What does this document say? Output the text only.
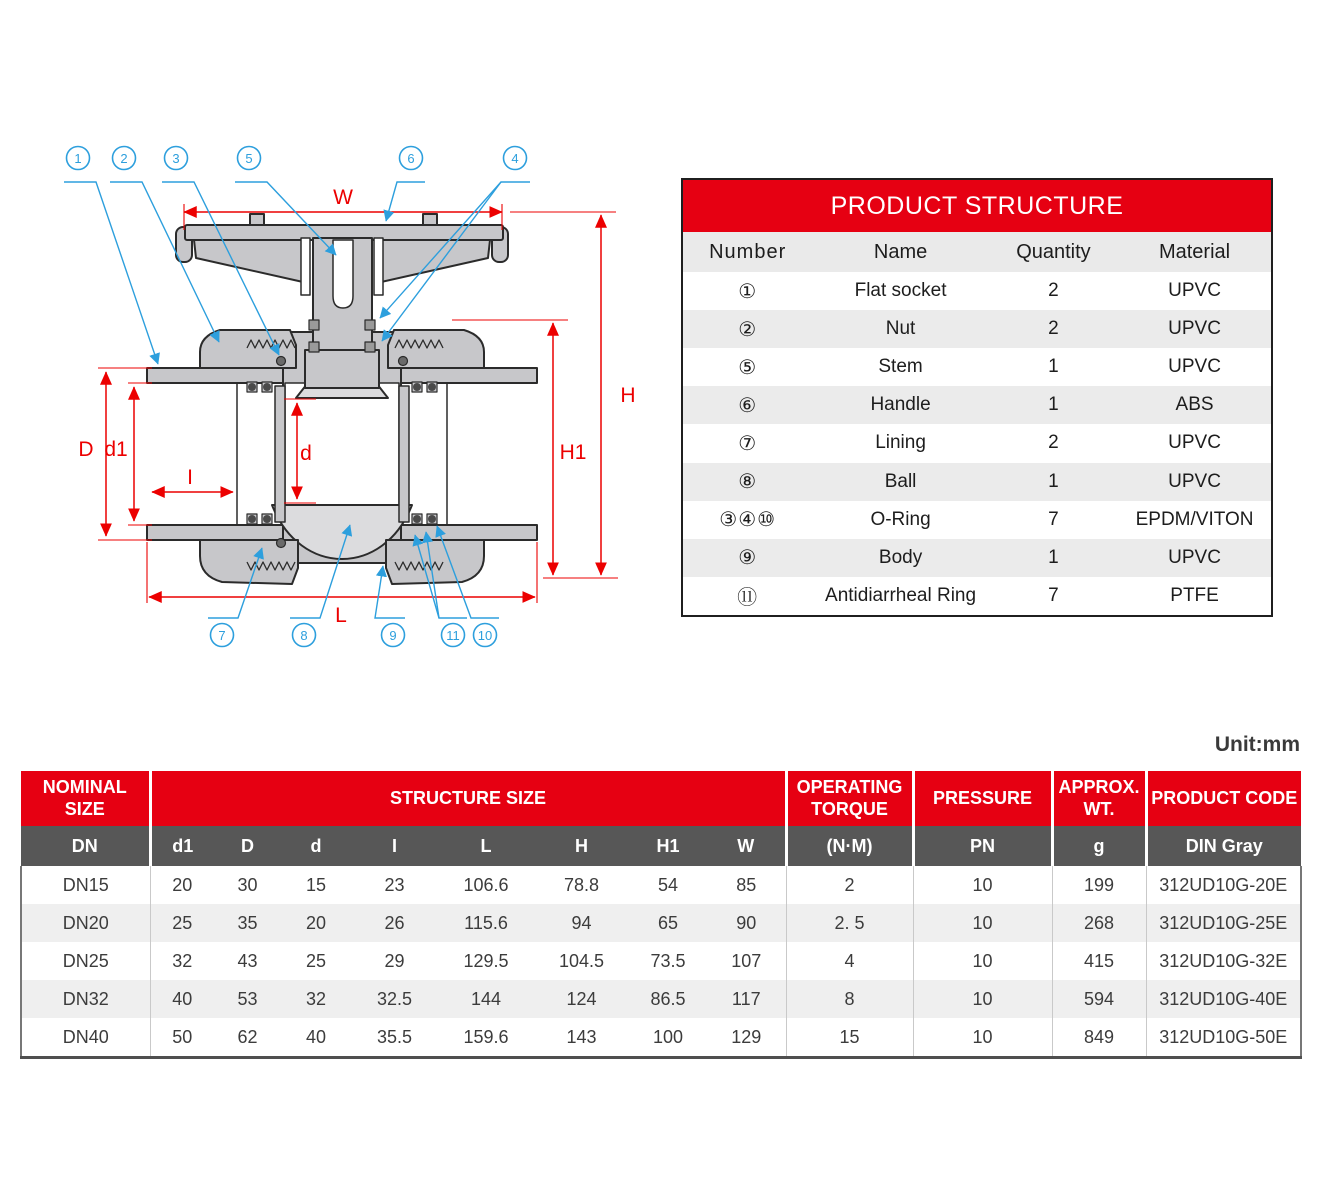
W
H
H1
D d1
I
d
L
1	2	3	5	6	4
7	8	9	11 10
PRODUCT STRUCTURE
Number	Name	Quantity	Material
①	Flat socket	2	UPVC
②	Nut	2	UPVC
⑤	Stem	1	UPVC
⑥	Handle	1	ABS
⑦	Lining	2	UPVC
⑧	Ball	1	UPVC
③④⑩	O-Ring	7	EPDM/VITON
⑨	Body	1	UPVC
⑪	Antidiarrheal Ring	7	PTFE
Unit:mm
NOMINAL SIZE	STRUCTURE SIZE								OPERATING TORQUE	PRESSURE	APPROX. WT.	PRODUCT CODE
DN	d1	D	d	I	L	H	H1	W	(N·M)	PN	g	DIN Gray
DN15	20	30	15	23	106.6	78.8	54	85	2	10	199	312UD10G-20E
DN20	25	35	20	26	115.6	94	65	90	2. 5	10	268	312UD10G-25E
DN25	32	43	25	29	129.5	104.5	73.5	107	4	10	415	312UD10G-32E
DN32	40	53	32	32.5	144	124	86.5	117	8	10	594	312UD10G-40E
DN40	50	62	40	35.5	159.6	143	100	129	15	10	849	312UD10G-50E
